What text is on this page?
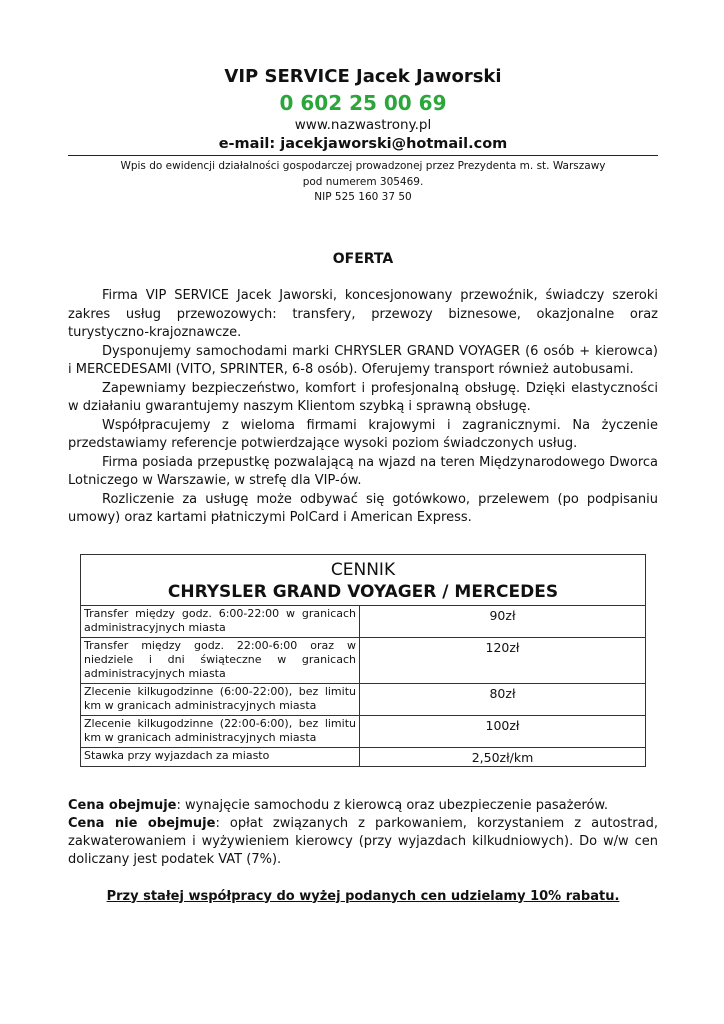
VIP SERVICE Jacek Jaworski

0 602 25 00 69

www.nazwastrony.pl

e-mail: jacekjaworski@hotmail.com

Wpis do ewidencji działalności gospodarczej prowadzonej przez Prezydenta m. st. Warszawy pod numerem 305469.

NIP 525 160 37 50

OFERTA

Firma VIP SERVICE Jacek Jaworski, koncesjonowany przewoźnik, świadczy szeroki zakres usług przewozowych: transfery, przewozy biznesowe, okazjonalne oraz turystyczno-krajoznawcze.

Dysponujemy samochodami marki CHRYSLER GRAND VOYAGER (6 osób + kierowca) i MERCEDESAMI (VITO, SPRINTER, 6-8 osób). Oferujemy transport również autobusami.

Zapewniamy bezpieczeństwo, komfort i profesjonalną obsługę. Dzięki elastyczności w działaniu gwarantujemy naszym Klientom szybką i sprawną obsługę.

Współpracujemy z wieloma firmami krajowymi i zagranicznymi. Na życzenie przedstawiamy referencje potwierdzające wysoki poziom świadczonych usług.

Firma posiada przepustkę pozwalającą na wjazd na teren Międzynarodowego Dworca Lotniczego w Warszawie, w strefę dla VIP-ów.

Rozliczenie za usługę może odbywać się gotówkowo, przelewem (po podpisaniu umowy) oraz kartami płatniczymi PolCard i American Express.

CENNIK
CHRYSLER GRAND VOYAGER / MERCEDES
Transfer między godz. 6:00-22:00 w granicach administracyjnych miasta	90zł
Transfer między godz. 22:00-6:00 oraz w niedziele i dni świąteczne w granicach administracyjnych miasta	120zł
Zlecenie kilkugodzinne (6:00-22:00), bez limitu km w granicach administracyjnych miasta	80zł
Zlecenie kilkugodzinne (22:00-6:00), bez limitu km w granicach administracyjnych miasta	100zł
Stawka przy wyjazdach za miasto	2,50zł/km

Cena obejmuje: wynajęcie samochodu z kierowcą oraz ubezpieczenie pasażerów.

Cena nie obejmuje: opłat związanych z parkowaniem, korzystaniem z autostrad, zakwaterowaniem i wyżywieniem kierowcy (przy wyjazdach kilkudniowych). Do w/w cen doliczany jest podatek VAT (7%).

Przy stałej współpracy do wyżej podanych cen udzielamy 10% rabatu.
